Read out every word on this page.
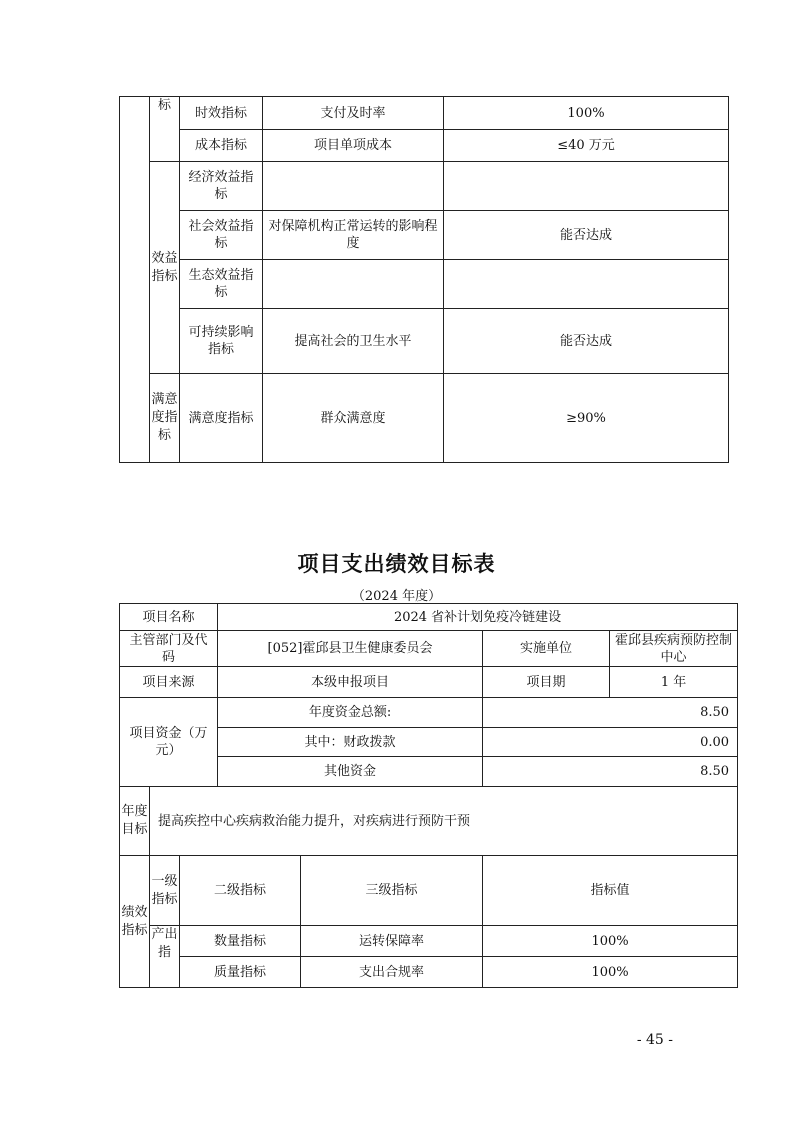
	标	时效指标	支付及时率	100%
		成本指标	项目单项成本	≤40 万元
	效益指标	经济效益指标		
		社会效益指标	对保障机构正常运转的影响程度	能否达成
		生态效益指标		
		可持续影响指标	提高社会的卫生水平	能否达成
	满意度指标	满意度指标	群众满意度	≥90%
项目支出绩效目标表
（2024 年度）
项目名称			2024 省补计划免疫冷链建设			
主管部门及代码			[052]霍邱县卫生健康委员会		实施单位	霍邱县疾病预防控制中心
项目来源			本级申报项目		项目期	1 年
项目资金（万元）			年度资金总额:		8.50	
			其中：财政拨款		0.00	
			其他资金		8.50	
年度目标	提高疾控中心疾病救治能力提升，对疾病进行预防干预					
绩效指标	一级指标	二级指标		三级指标	指标值	
	产出指	数量指标		运转保障率	100%	
		质量指标		支出合规率	100%	
- 45 -
